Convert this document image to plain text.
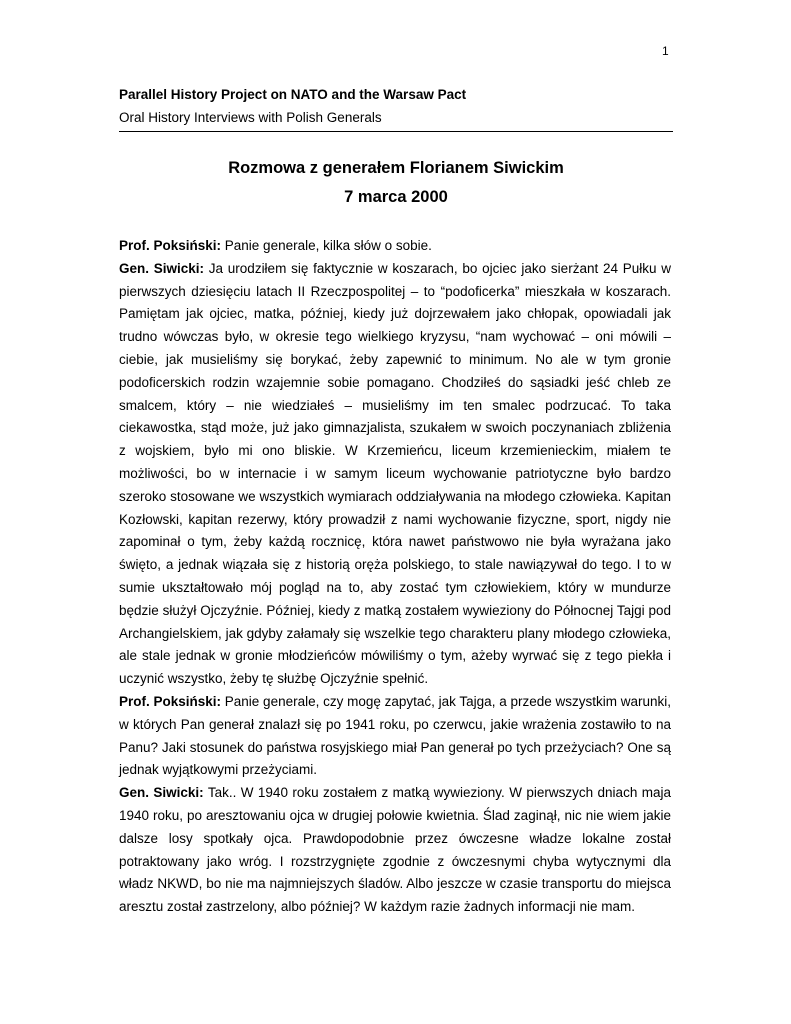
1
Parallel History Project on NATO and the Warsaw Pact
Oral History Interviews with Polish Generals
Rozmowa z generałem Florianem Siwickim
7 marca 2000

Prof. Poksiński: Panie generale, kilka słów o sobie.

Gen. Siwicki: Ja urodziłem się faktycznie w koszarach, bo ojciec jako sierżant 24 Pułku w pierwszych dziesięciu latach II Rzeczpospolitej – to “podoficerka” mieszkała w koszarach. Pamiętam jak ojciec, matka, później, kiedy już dojrzewałem jako chłopak, opowiadali jak trudno wówczas było, w okresie tego wielkiego kryzysu, “nam wychować – oni mówili – ciebie, jak musieliśmy się borykać, żeby zapewnić to minimum. No ale w tym gronie podoficerskich rodzin wzajemnie sobie pomagano. Chodziłeś do sąsiadki jeść chleb ze smalcem, który – nie wiedziałeś – musieliśmy im ten smalec podrzucać. To taka ciekawostka, stąd może, już jako gimnazjalista, szukałem w swoich poczynaniach zbliżenia z wojskiem, było mi ono bliskie. W Krzemieńcu, liceum krzemienieckim, miałem te możliwości, bo w internacie i w samym liceum wychowanie patriotyczne było bardzo szeroko stosowane we wszystkich wymiarach oddziaływania na młodego człowieka. Kapitan Kozłowski, kapitan rezerwy, który prowadził z nami wychowanie fizyczne, sport, nigdy nie zapominał o tym, żeby każdą rocznicę, która nawet państwowo nie była wyrażana jako święto, a jednak wiązała się z historią oręża polskiego, to stale nawiązywał do tego. I to w sumie ukształtowało mój pogląd na to, aby zostać tym człowiekiem, który w mundurze będzie służył Ojczyźnie. Później, kiedy z matką zostałem wywieziony do Północnej Tajgi pod Archangielskiem, jak gdyby załamały się wszelkie tego charakteru plany młodego człowieka, ale stale jednak w gronie młodzieńców mówiliśmy o tym, ażeby wyrwać się z tego piekła i uczynić wszystko, żeby tę służbę Ojczyźnie spełnić.

Prof. Poksiński: Panie generale, czy mogę zapytać, jak Tajga, a przede wszystkim warunki, w których Pan generał znalazł się po 1941 roku, po czerwcu, jakie wrażenia zostawiło to na Panu? Jaki stosunek do państwa rosyjskiego miał Pan generał po tych przeżyciach? One są jednak wyjątkowymi przeżyciami.

Gen. Siwicki: Tak.. W 1940 roku zostałem z matką wywieziony. W pierwszych dniach maja 1940 roku, po aresztowaniu ojca w drugiej połowie kwietnia. Ślad zaginął, nic nie wiem jakie dalsze losy spotkały ojca. Prawdopodobnie przez ówczesne władze lokalne został potraktowany jako wróg. I rozstrzygnięte zgodnie z ówczesnymi chyba wytycznymi dla władz NKWD, bo nie ma najmniejszych śladów. Albo jeszcze w czasie transportu do miejsca aresztu został zastrzelony, albo później? W każdym razie żadnych informacji nie mam.
